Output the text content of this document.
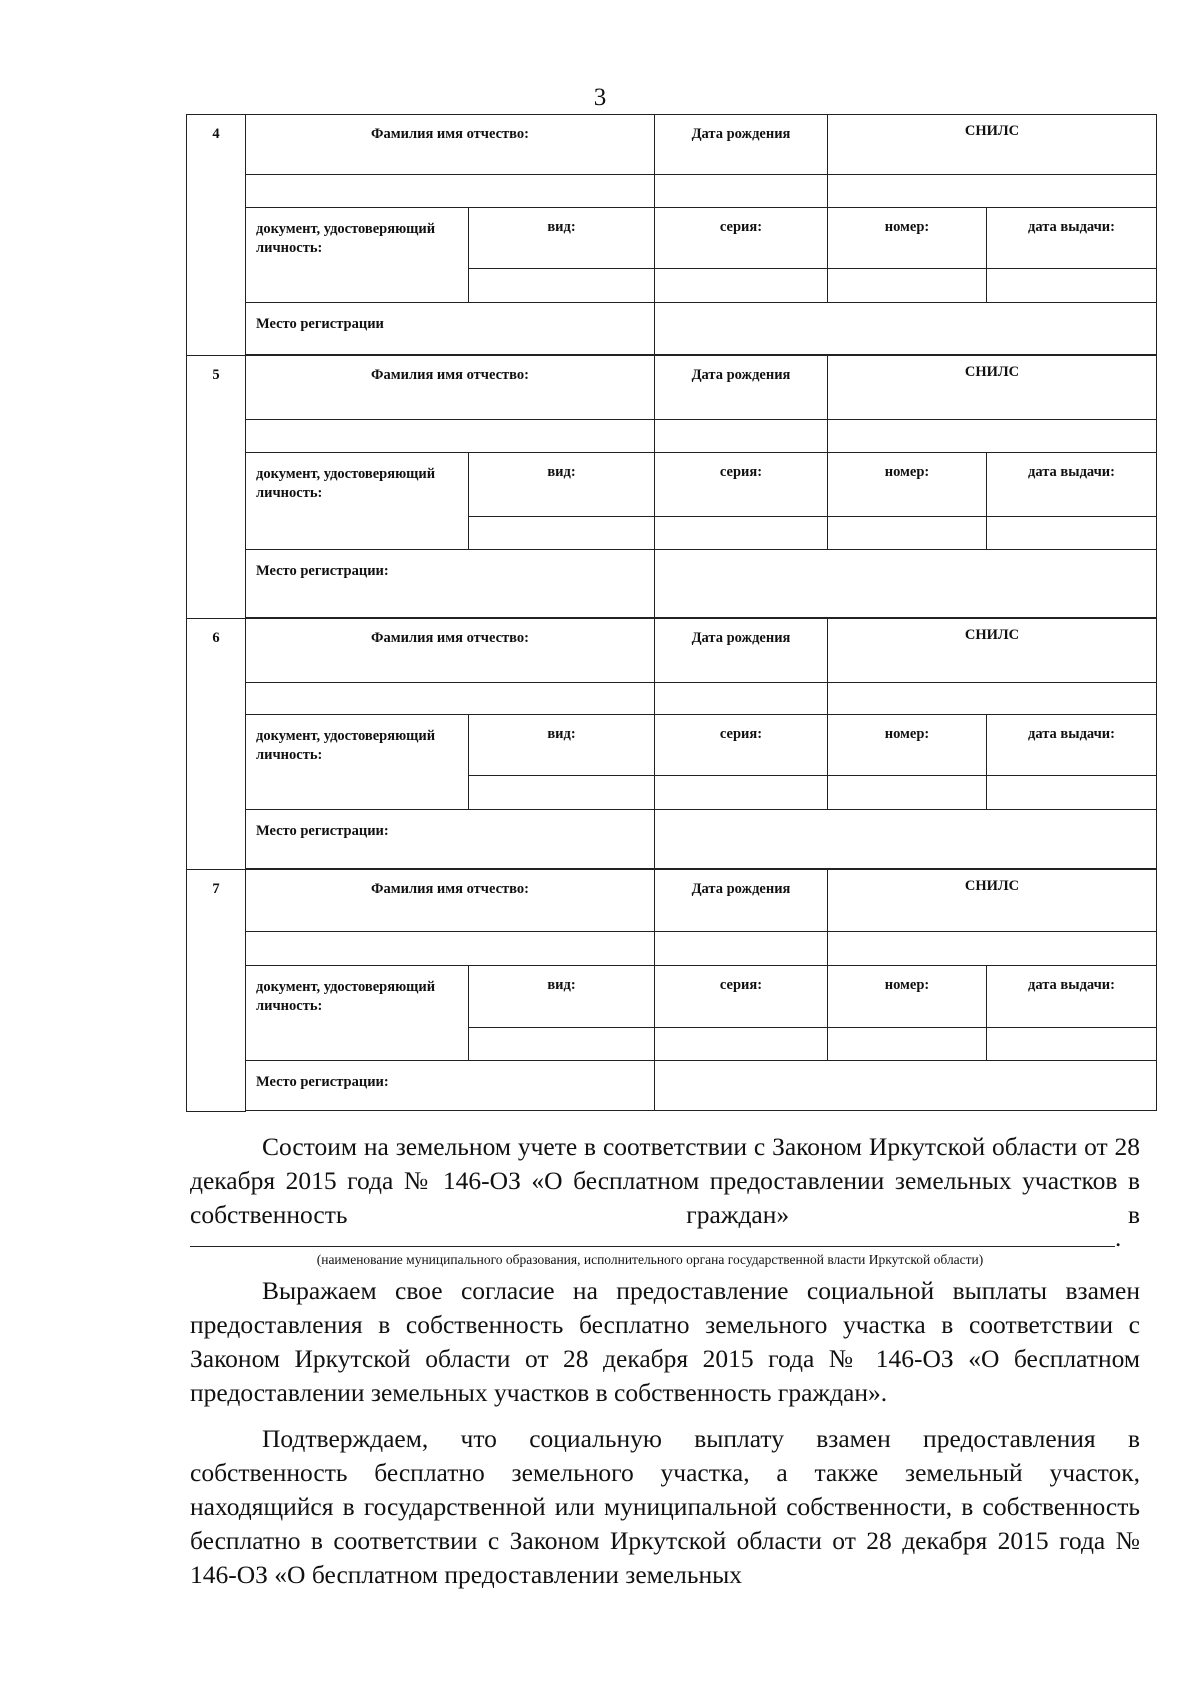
3
4	Фамилия имя отчество:		Дата рождения	СНИЛС	

	документ, удостоверяющий личность:	вид:	серия:	номер:	дата выдачи:

	Место регистрации				

5	Фамилия имя отчество:		Дата рождения	СНИЛС	

	документ, удостоверяющий личность:	вид:	серия:	номер:	дата выдачи:

	Место регистрации:				

6	Фамилия имя отчество:		Дата рождения	СНИЛС	

	документ, удостоверяющий личность:	вид:	серия:	номер:	дата выдачи:

	Место регистрации:				

7	Фамилия имя отчество:		Дата рождения	СНИЛС	

	документ, удостоверяющий личность:	вид:	серия:	номер:	дата выдачи:

	Место регистрации:				

Состоим на земельном учете в соответствии с Законом Иркутской области от 28 декабря 2015 года № 146-ОЗ «О бесплатном предоставлении земельных участков в собственность граждан» в

.
(наименование муниципального образования, исполнительного органа государственной власти Иркутской области)

Выражаем свое согласие на предоставление социальной выплаты взамен предоставления в собственность бесплатно земельного участка в соответствии с Законом Иркутской области от 28 декабря 2015 года № 146-ОЗ «О бесплатном предоставлении земельных участков в собственность граждан».

Подтверждаем, что социальную выплату взамен предоставления в собственность бесплатно земельного участка, а также земельный участок, находящийся в государственной или муниципальной собственности, в собственность бесплатно в соответствии с Законом Иркутской области от 28 декабря 2015 года № 146-ОЗ «О бесплатном предоставлении земельных
